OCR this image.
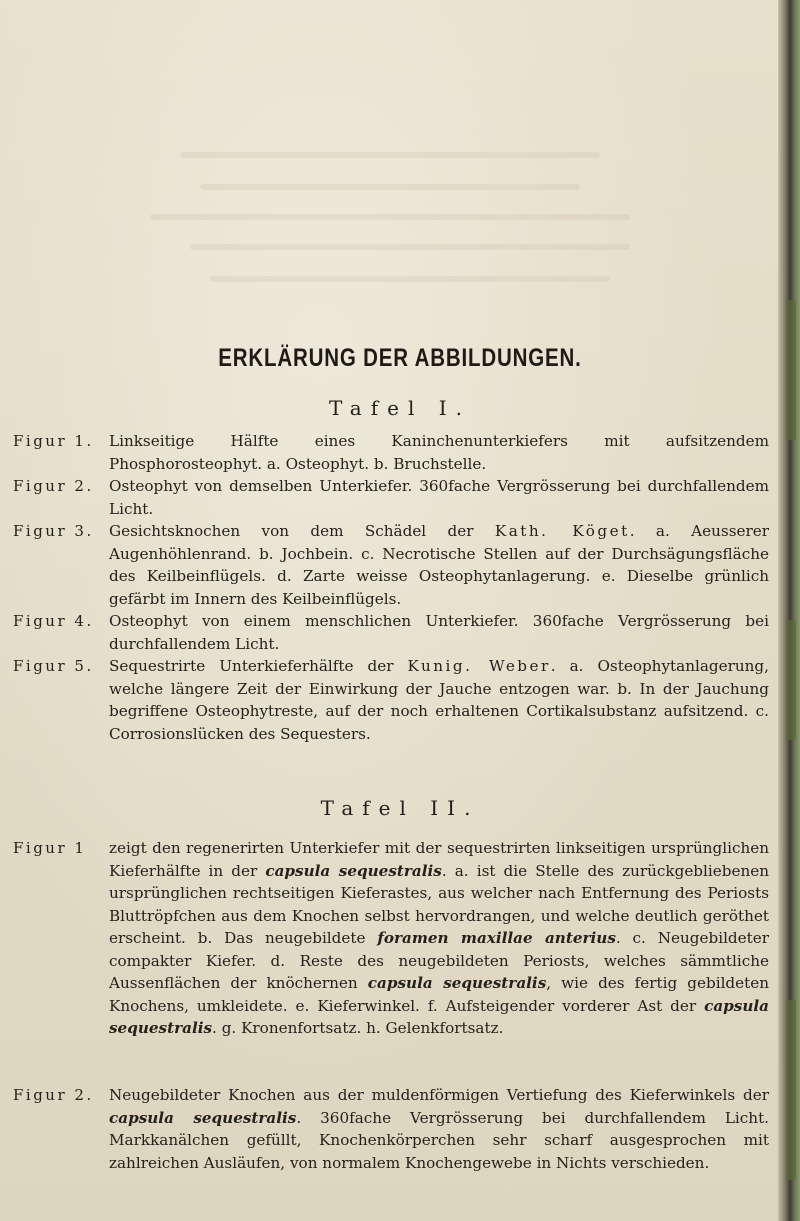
ERKLÄRUNG DER ABBILDUNGEN.
Tafel I.
Figur 1. Linkseitige Hälfte eines Kaninchenunterkiefers mit aufsitzendem Phosphorosteophyt. a. Osteophyt. b. Bruchstelle.
Figur 2. Osteophyt von demselben Unterkiefer. 360fache Vergrösserung bei durchfallendem Licht.
Figur 3. Gesichtsknochen von dem Schädel der Kath. Köget. a. Aeusserer Augenhöhlenrand. b. Jochbein. c. Necrotische Stellen auf der Durchsägungsfläche des Keilbeinflügels. d. Zarte weisse Osteophytanlagerung. e. Dieselbe grünlich gefärbt im Innern des Keilbeinflügels.
Figur 4. Osteophyt von einem menschlichen Unterkiefer. 360fache Vergrösserung bei durchfallendem Licht.
Figur 5. Sequestrirte Unterkieferhälfte der Kunig. Weber. a. Osteophytanlagerung, welche längere Zeit der Einwirkung der Jauche entzogen war. b. In der Jauchung begriffene Osteophytreste, auf der noch erhaltenen Cortikalsubstanz aufsitzend. c. Corrosionslücken des Sequesters.
Tafel II.
Figur 1 zeigt den regenerirten Unterkiefer mit der sequestrirten linkseitigen ursprünglichen Kieferhälfte in der capsula sequestralis. a. ist die Stelle des zurückgebliebenen ursprünglichen rechtseitigen Kieferastes, aus welcher nach Entfernung des Periosts Bluttröpfchen aus dem Knochen selbst hervordrangen, und welche deutlich geröthet erscheint. b. Das neugebildete foramen maxillae anterius. c. Neugebildeter compakter Kiefer. d. Reste des neugebildeten Periosts, welches sämmtliche Aussenflächen der knöchernen capsula sequestralis, wie des fertig gebildeten Knochens, umkleidete. e. Kieferwinkel. f. Aufsteigender vorderer Ast der capsula sequestralis. g. Kronenfortsatz. h. Gelenkfortsatz.
Figur 2. Neugebildeter Knochen aus der muldenförmigen Vertiefung des Kieferwinkels der capsula sequestralis. 360fache Vergrösserung bei durchfallendem Licht. Markkanälchen gefüllt, Knochenkörperchen sehr scharf ausgesprochen mit zahlreichen Ausläufen, von normalem Knochengewebe in Nichts verschieden.
